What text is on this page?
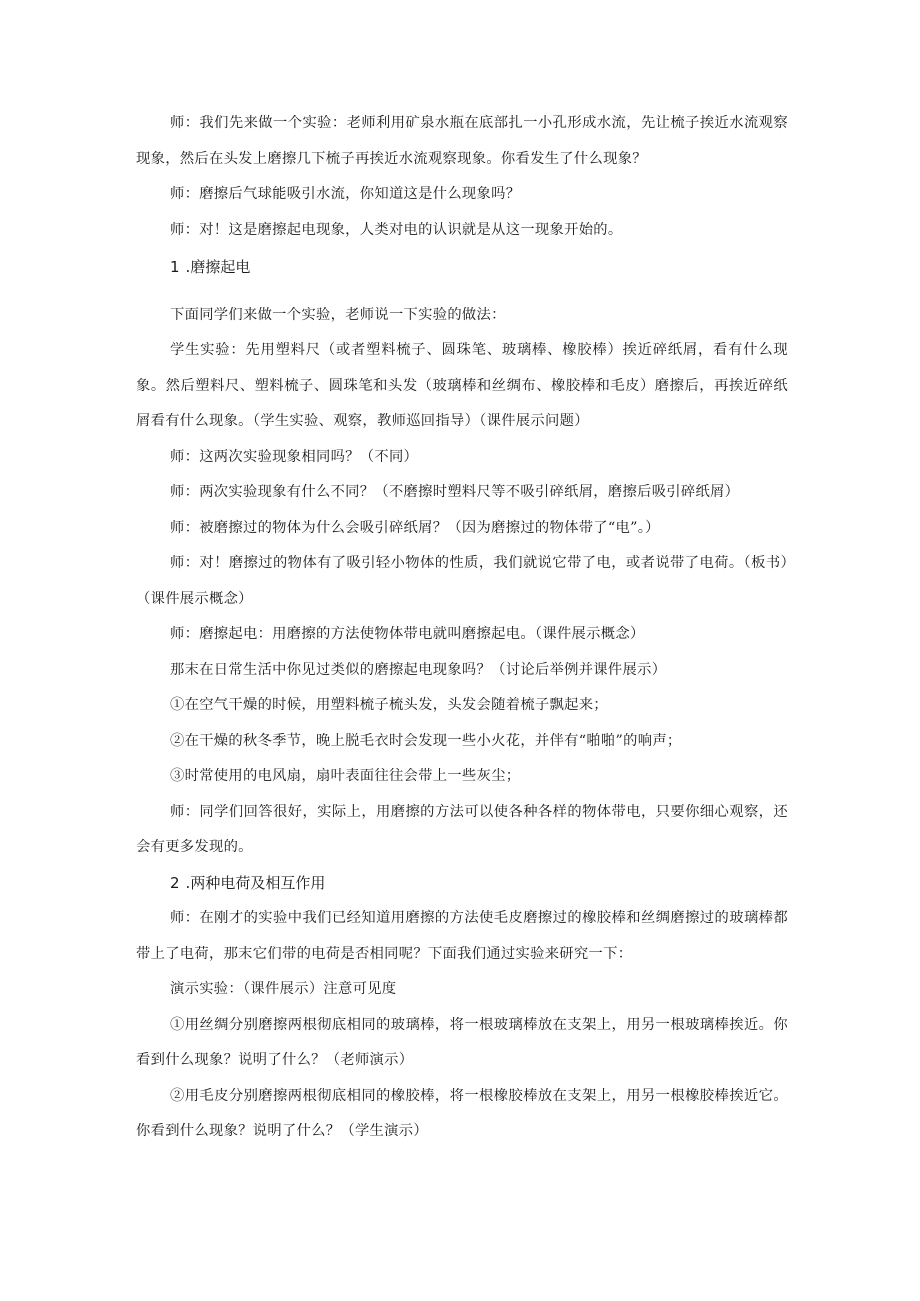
师：我们先来做一个实验：老师利用矿泉水瓶在底部扎一小孔形成水流，先让梳子挨近水流观察现象，然后在头发上磨擦几下梳子再挨近水流观察现象。你看发生了什么现象？

师：磨擦后气球能吸引水流，你知道这是什么现象吗？

师：对！这是磨擦起电现象，人类对电的认识就是从这一现象开始的。

1 .磨擦起电

下面同学们来做一个实验，老师说一下实验的做法：

学生实验：先用塑料尺（或者塑料梳子、圆珠笔、玻璃棒、橡胶棒）挨近碎纸屑，看有什么现象。然后塑料尺、塑料梳子、圆珠笔和头发（玻璃棒和丝绸布、橡胶棒和毛皮）磨擦后，再挨近碎纸屑看有什么现象。（学生实验、观察，教师巡回指导）（课件展示问题）

师：这两次实验现象相同吗？（不同）

师：两次实验现象有什么不同？（不磨擦时塑料尺等不吸引碎纸屑，磨擦后吸引碎纸屑）

师：被磨擦过的物体为什么会吸引碎纸屑？（因为磨擦过的物体带了“电”。）

师：对！磨擦过的物体有了吸引轻小物体的性质，我们就说它带了电，或者说带了电荷。（板书）（课件展示概念）

师：磨擦起电：用磨擦的方法使物体带电就叫磨擦起电。（课件展示概念）

那末在日常生活中你见过类似的磨擦起电现象吗？（讨论后举例并课件展示）

①在空气干燥的时候，用塑料梳子梳头发，头发会随着梳子飘起来；

②在干燥的秋冬季节，晚上脱毛衣时会发现一些小火花，并伴有“啪啪”的响声；

③时常使用的电风扇，扇叶表面往往会带上一些灰尘；

师：同学们回答很好，实际上，用磨擦的方法可以使各种各样的物体带电，只要你细心观察，还会有更多发现的。

2 .两种电荷及相互作用

师：在刚才的实验中我们已经知道用磨擦的方法使毛皮磨擦过的橡胶棒和丝绸磨擦过的玻璃棒都带上了电荷，那末它们带的电荷是否相同呢？下面我们通过实验来研究一下：

演示实验：（课件展示）注意可见度

①用丝绸分别磨擦两根彻底相同的玻璃棒，将一根玻璃棒放在支架上，用另一根玻璃棒挨近。你看到什么现象？说明了什么？（老师演示）

②用毛皮分别磨擦两根彻底相同的橡胶棒，将一根橡胶棒放在支架上，用另一根橡胶棒挨近它。你看到什么现象？说明了什么？（学生演示）
